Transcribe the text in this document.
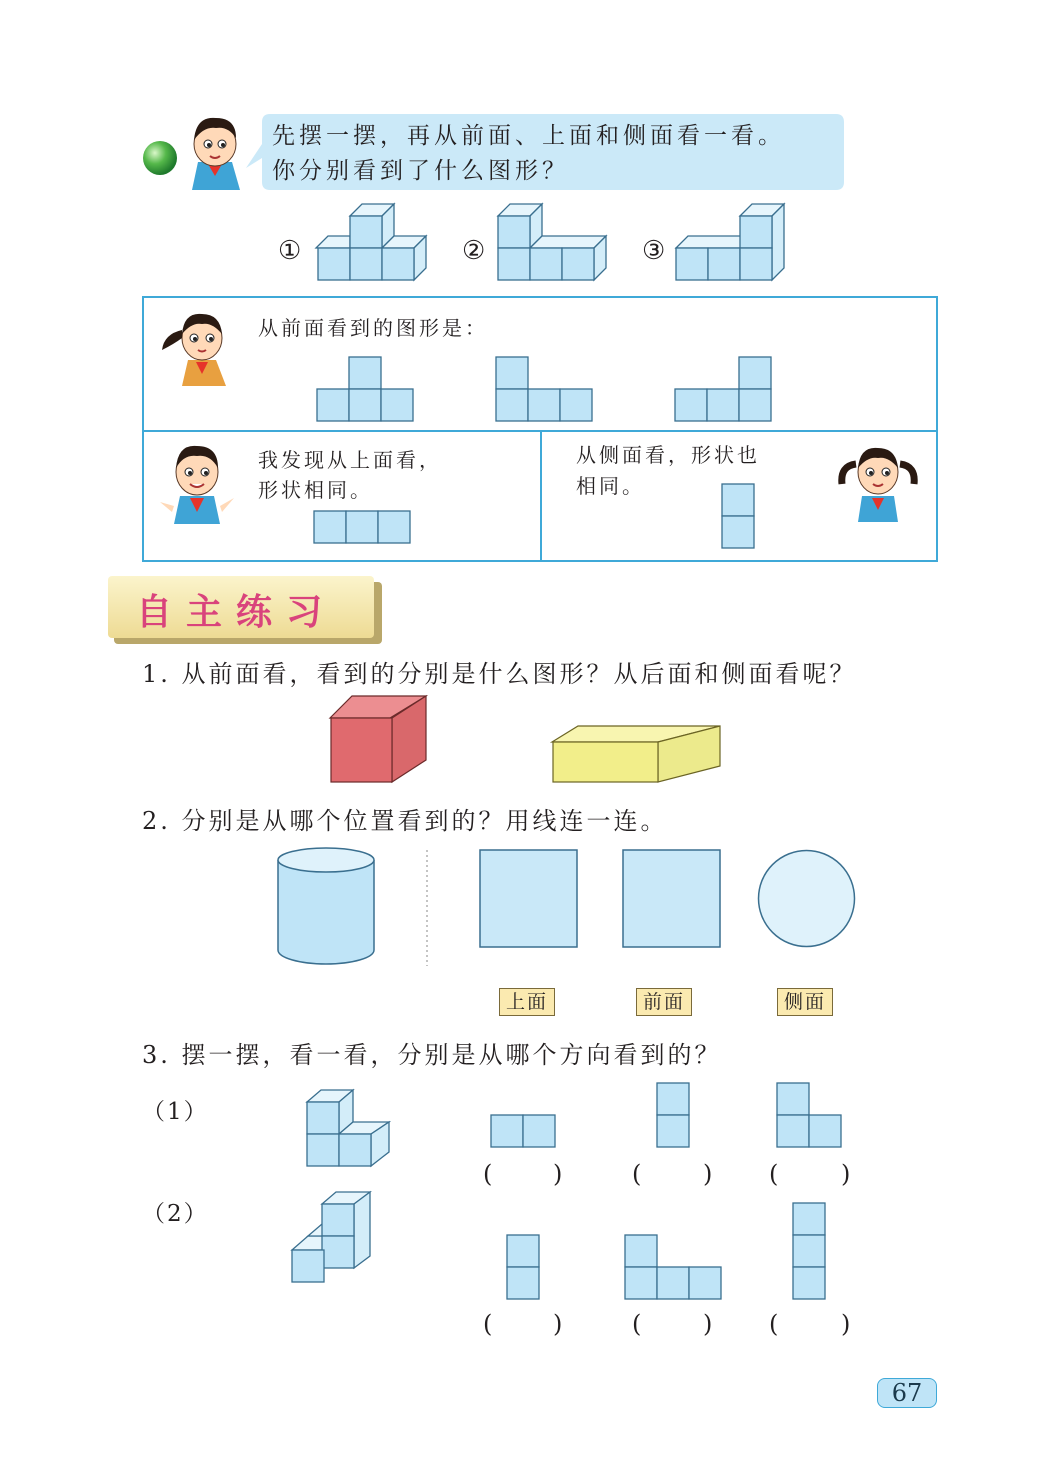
先摆一摆，再从前面、上面和侧面看一看。
你分别看到了什么图形？
①	②	③
从前面看到的图形是：
我发现从上面看，
形状相同。
从侧面看，形状也
相同。
自主练习
1. 从前面看，看到的分别是什么图形？从后面和侧面看呢？
2. 分别是从哪个位置看到的？用线连一连。
上面	前面	侧面
3. 摆一摆，看一看，分别是从哪个方向看到的？
（1）
(	)	(	) (	)
（2）
(	)	(	) (	)
67
